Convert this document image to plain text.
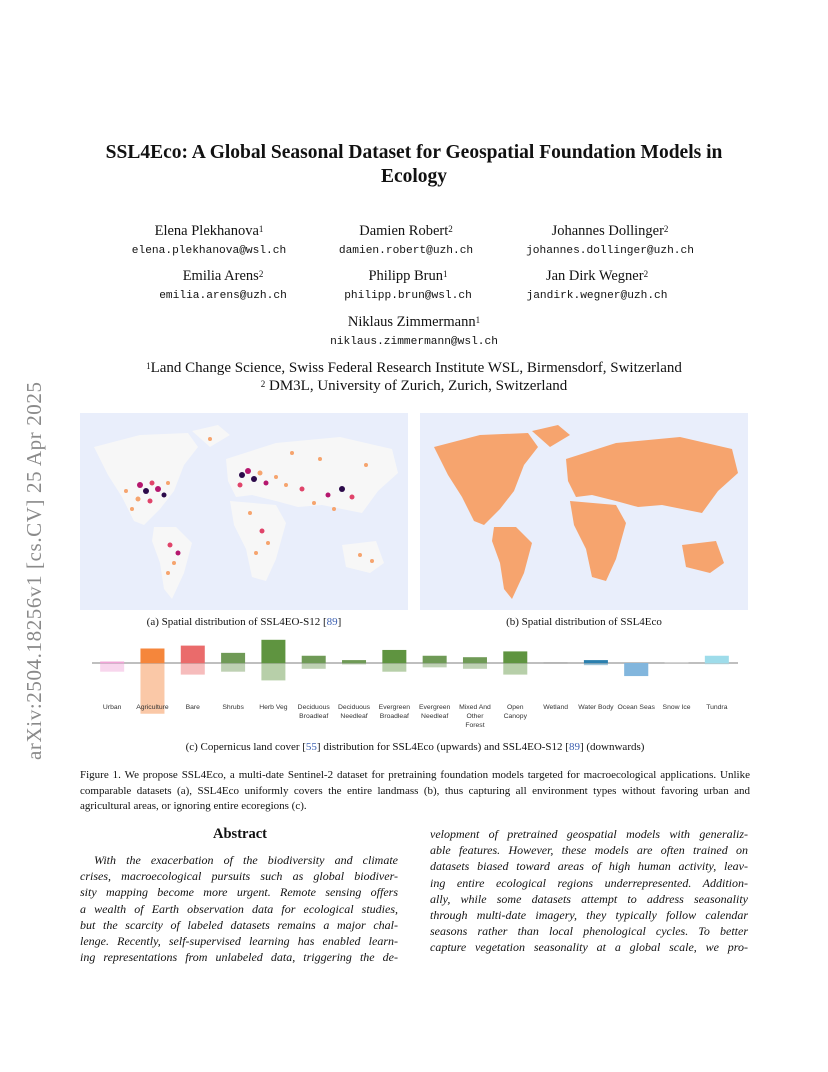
arXiv:2504.18256v1 [cs.CV] 25 Apr 2025
SSL4Eco: A Global Seasonal Dataset for Geospatial Foundation Models in
Ecology
Elena Plekhanova$^1$
elena.plekhanova@wsl.ch
Damien Robert$^2$
damien.robert@uzh.ch
Johannes Dollinger$^2$
johannes.dollinger@uzh.ch
Emilia Arens$^2$
emilia.arens@uzh.ch
Philipp Brun$^1$
philipp.brun@wsl.ch
Jan Dirk Wegner$^2$
jandirk.wegner@uzh.ch
Niklaus Zimmermann$^1$
niklaus.zimmermann@wsl.ch
$^1$Land Change Science, Swiss Federal Research Institute WSL, Birmensdorf, Switzerland
$^2$ DM3L, University of Zurich, Zurich, Switzerland
(a) Spatial distribution of SSL4EO-S12 [89]	(b) Spatial distribution of SSL4Eco
Urban Agriculture Bare	Shrubs Herb Veg Deciduous Broadleaf
Deciduous Needleaf
Evergreen Broadleaf
Evergreen Needleaf
Mixed And Other Forest
Open Canopy
Wetland Water Body Ocean Seas Snow Ice Tundra
(c) Copernicus land cover [55] distribution for SSL4Eco (upwards) and SSL4EO-S12 [89] (downwards)
Figure 1. We propose SSL4Eco, a multi-date Sentinel-2 dataset for pretraining foundation models targeted for macroecological applications. Unlike comparable datasets (a), SSL4Eco uniformly covers the entire landmass (b), thus capturing all environment types without favoring urban and agricultural areas, or ignoring entire ecoregions (c).
Abstract

With the exacerbation of the biodiversity and climate

crises, macroecological pursuits such as global biodiver-

sity mapping become more urgent. Remote sensing offers

a wealth of Earth observation data for ecological studies,

but the scarcity of labeled datasets remains a major chal-

lenge. Recently, self-supervised learning has enabled learn-

ing representations from unlabeled data, triggering the de-

velopment of pretrained geospatial models with generaliz-

able features. However, these models are often trained on

datasets biased toward areas of high human activity, leav-

ing entire ecological regions underrepresented. Addition-

ally, while some datasets attempt to address seasonality

through multi-date imagery, they typically follow calendar

seasons rather than local phenological cycles. To better

capture vegetation seasonality at a global scale, we pro-
